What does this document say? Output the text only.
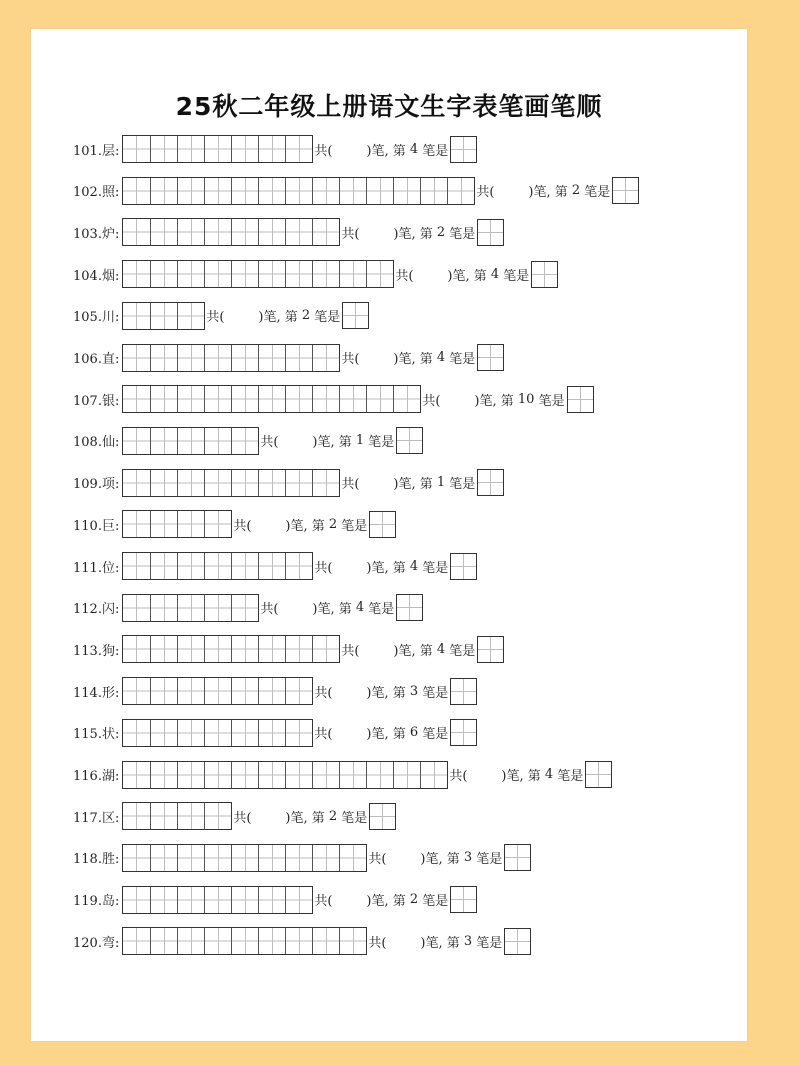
25秋二年级上册语文生字表笔画笔顺
101.层:	共(	)笔, 第 4 笔是
102.照:	共(	)笔, 第 2 笔是
103.炉:	共(	)笔, 第 2 笔是
104.烟:	共(	)笔, 第 4 笔是
105.川:	共(	)笔, 第 2 笔是
106.直:	共(	)笔, 第 4 笔是
107.银:	共(	)笔, 第 10 笔是
108.仙:	共(	)笔, 第 1 笔是
109.项:	共(	)笔, 第 1 笔是
110.巨:	共(	)笔, 第 2 笔是
111.位:	共(	)笔, 第 4 笔是
112.闪:	共(	)笔, 第 4 笔是
113.狗:	共(	)笔, 第 4 笔是
114.形:	共(	)笔, 第 3 笔是
115.状:	共(	)笔, 第 6 笔是
116.湖:	共(	)笔, 第 4 笔是
117.区:	共(	)笔, 第 2 笔是
118.胜:	共(	)笔, 第 3 笔是
119.岛:	共(	)笔, 第 2 笔是
120.弯:	共(	)笔, 第 3 笔是
